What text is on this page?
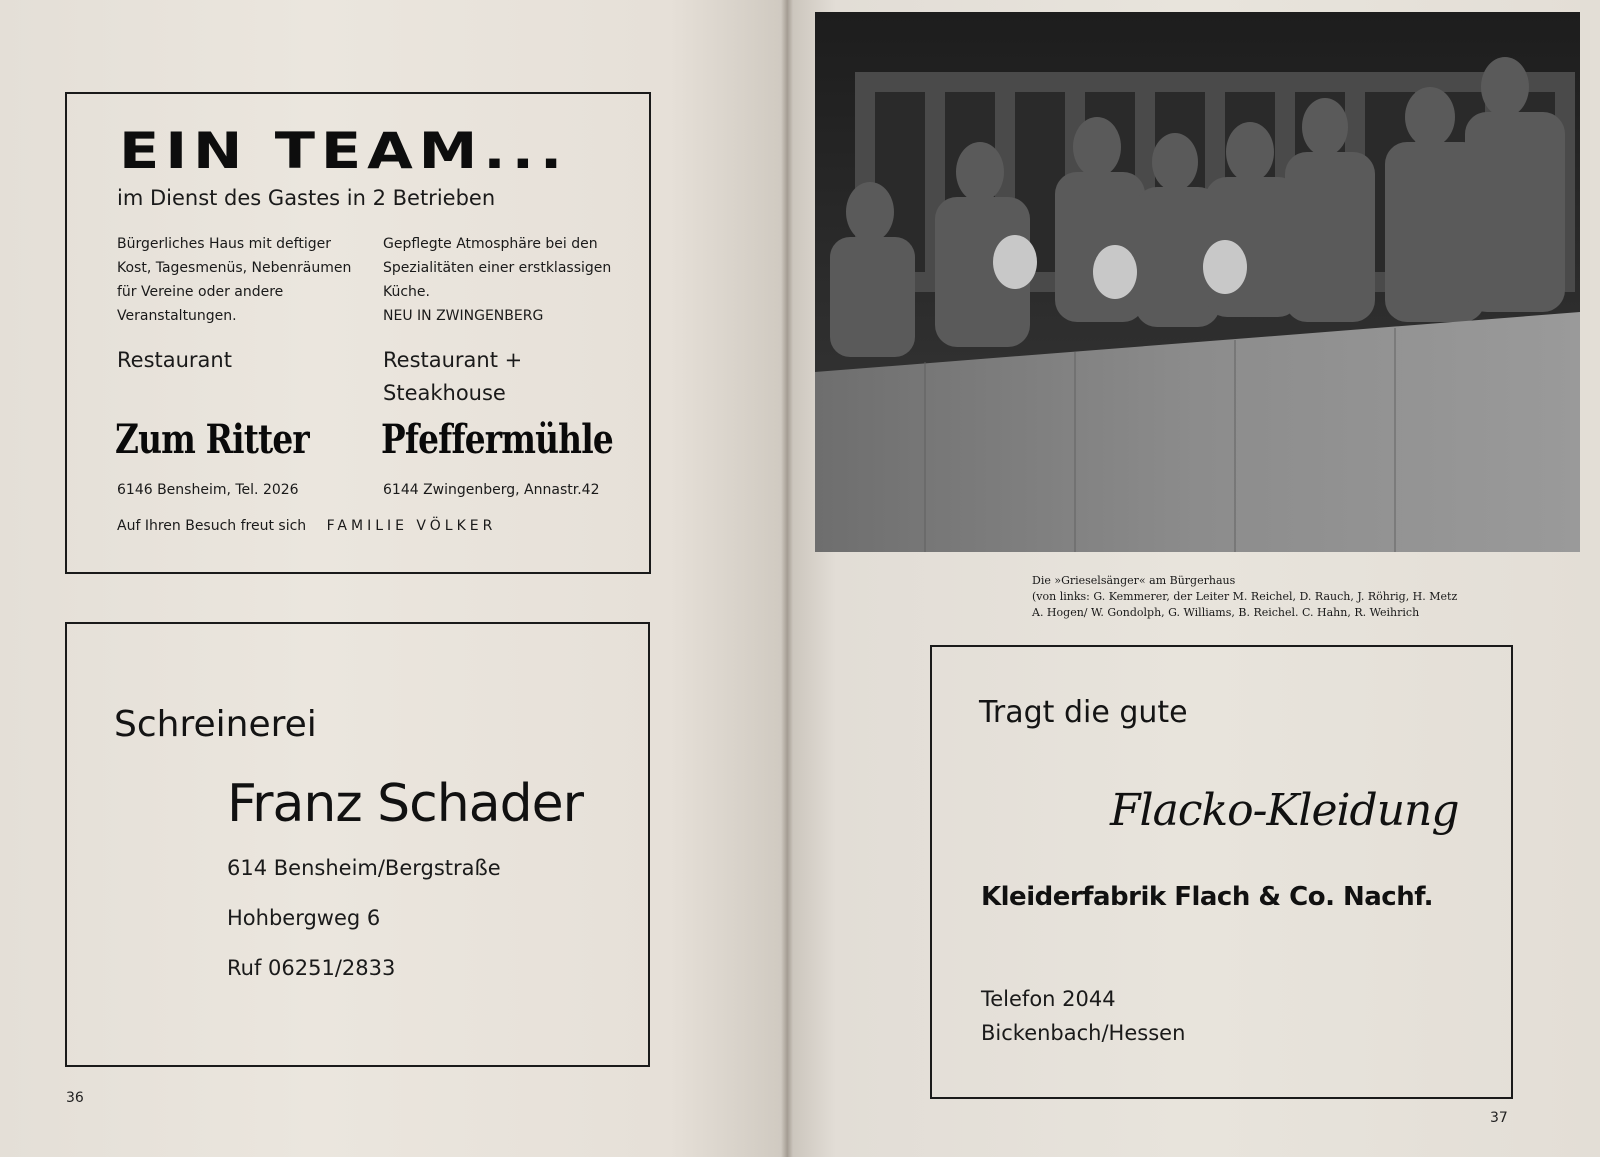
EIN TEAM...
im Dienst des Gastes in 2 Betrieben
Bürgerliches Haus mit deftiger Kost, Tagesmenüs, Nebenräumen für Vereine oder andere Veranstaltungen.
Gepflegte Atmosphäre bei den Spezialitäten einer erstklassigen Küche.
NEU IN ZWINGENBERG
Restaurant	Restaurant + Steakhouse
Zum Ritter Pfeffermühle
6146 Bensheim, Tel. 2026	6144 Zwingenberg, Annastr.42
Auf Ihren Besuch freut sich FAMILIE VÖLKER
Schreinerei
Franz Schader
614 Bensheim/Bergstraße
Hohbergweg 6
Ruf 06251/2833
36
Die »Grieselsänger« am Bürgerhaus
(von links: G. Kemmerer, der Leiter M. Reichel, D. Rauch, J. Röhrig, H. Metz
A. Hogen/ W. Gondolph, G. Williams, B. Reichel. C. Hahn, R. Weihrich
Tragt die gute
Flacko-Kleidung
Kleiderfabrik Flach & Co. Nachf.
Telefon 2044
Bickenbach/Hessen
37
